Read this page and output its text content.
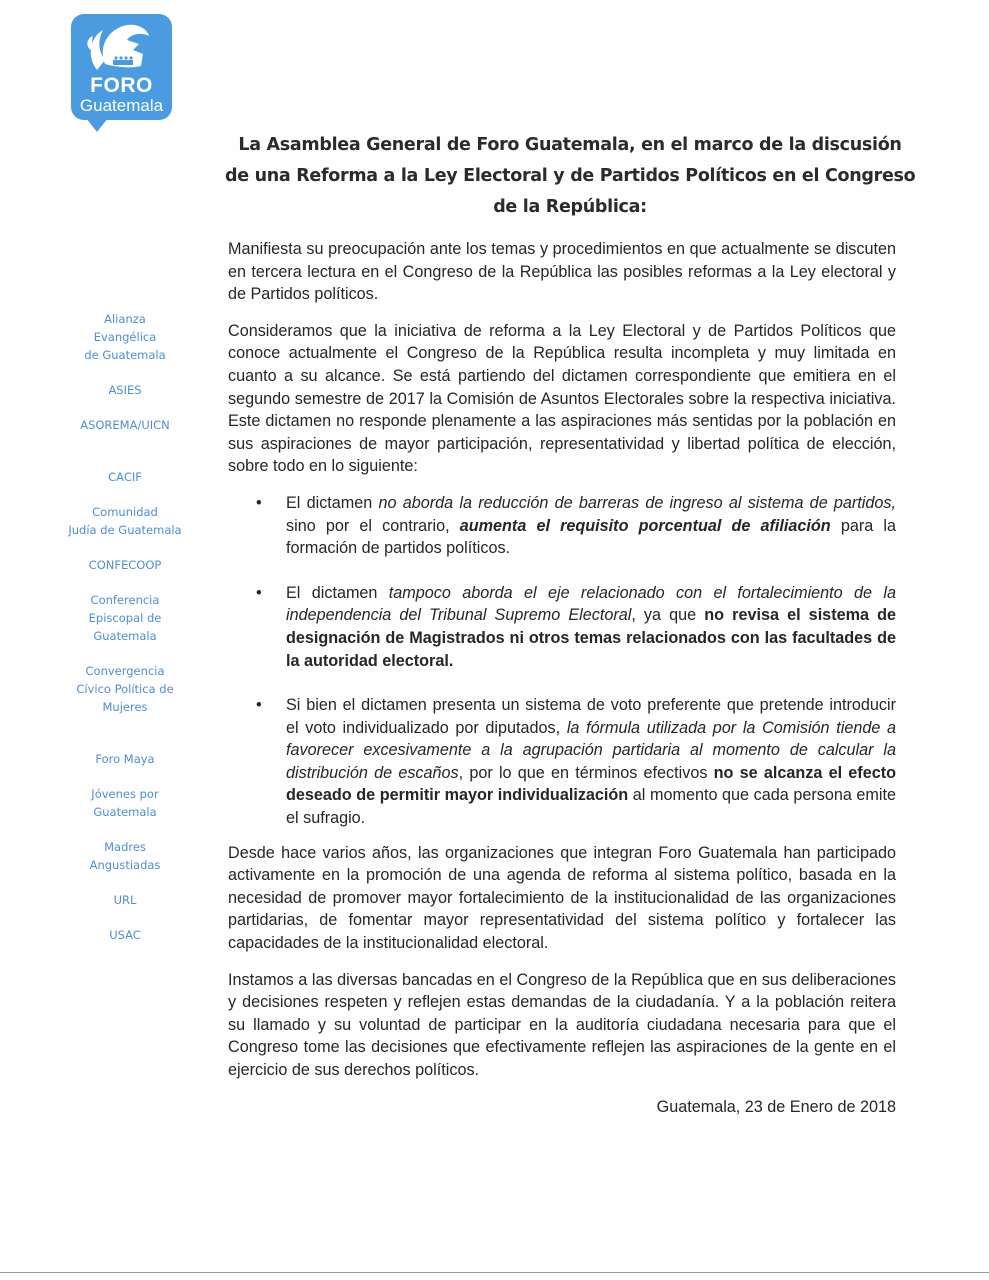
FORO
Guatemala
Alianza
Evangélica
de Guatemala
ASIES
ASOREMA/UICN
CACIF
Comunidad
Judía de Guatemala
CONFECOOP
Conferencia
Episcopal de
Guatemala
Convergencia
Cívico Política de
Mujeres
Foro Maya
Jóvenes por
Guatemala
Madres
Angustiadas
URL
USAC
La Asamblea General de Foro Guatemala, en el marco de la discusión
de una Reforma a la Ley Electoral y de Partidos Políticos en el Congreso
de la República:

Manifiesta su preocupación ante los temas y procedimientos en que actualmente se discuten en tercera lectura en el Congreso de la República las posibles reformas a la Ley electoral y de Partidos políticos.

Consideramos que la iniciativa de reforma a la Ley Electoral y de Partidos Políticos que conoce actualmente el Congreso de la República resulta incompleta y muy limitada en cuanto a su alcance. Se está partiendo del dictamen correspondiente que emitiera en el segundo semestre de 2017 la Comisión de Asuntos Electorales sobre la respectiva iniciativa. Este dictamen no responde plenamente a las aspiraciones más sentidas por la población en sus aspiraciones de mayor participación, representatividad y libertad política de elección, sobre todo en lo siguiente:

• El dictamen no aborda la reducción de barreras de ingreso al sistema de partidos, sino por el contrario, aumenta el requisito porcentual de afiliación para la formación de partidos políticos.
• El dictamen tampoco aborda el eje relacionado con el fortalecimiento de la independencia del Tribunal Supremo Electoral, ya que no revisa el sistema de designación de Magistrados ni otros temas relacionados con las facultades de la autoridad electoral.
• Si bien el dictamen presenta un sistema de voto preferente que pretende introducir el voto individualizado por diputados, la fórmula utilizada por la Comisión tiende a favorecer excesivamente a la agrupación partidaria al momento de calcular la distribución de escaños, por lo que en términos efectivos no se alcanza el efecto deseado de permitir mayor individualización al momento que cada persona emite el sufragio.

Desde hace varios años, las organizaciones que integran Foro Guatemala han participado activamente en la promoción de una agenda de reforma al sistema político, basada en la necesidad de promover mayor fortalecimiento de la institucionalidad de las organizaciones partidarias, de fomentar mayor representatividad del sistema político y fortalecer las capacidades de la institucionalidad electoral.

Instamos a las diversas bancadas en el Congreso de la República que en sus deliberaciones y decisiones respeten y reflejen estas demandas de la ciudadanía. Y a la población reitera su llamado y su voluntad de participar en la auditoría ciudadana necesaria para que el Congreso tome las decisiones que efectivamente reflejen las aspiraciones de la gente en el ejercicio de sus derechos políticos.

Guatemala, 23 de Enero de 2018
